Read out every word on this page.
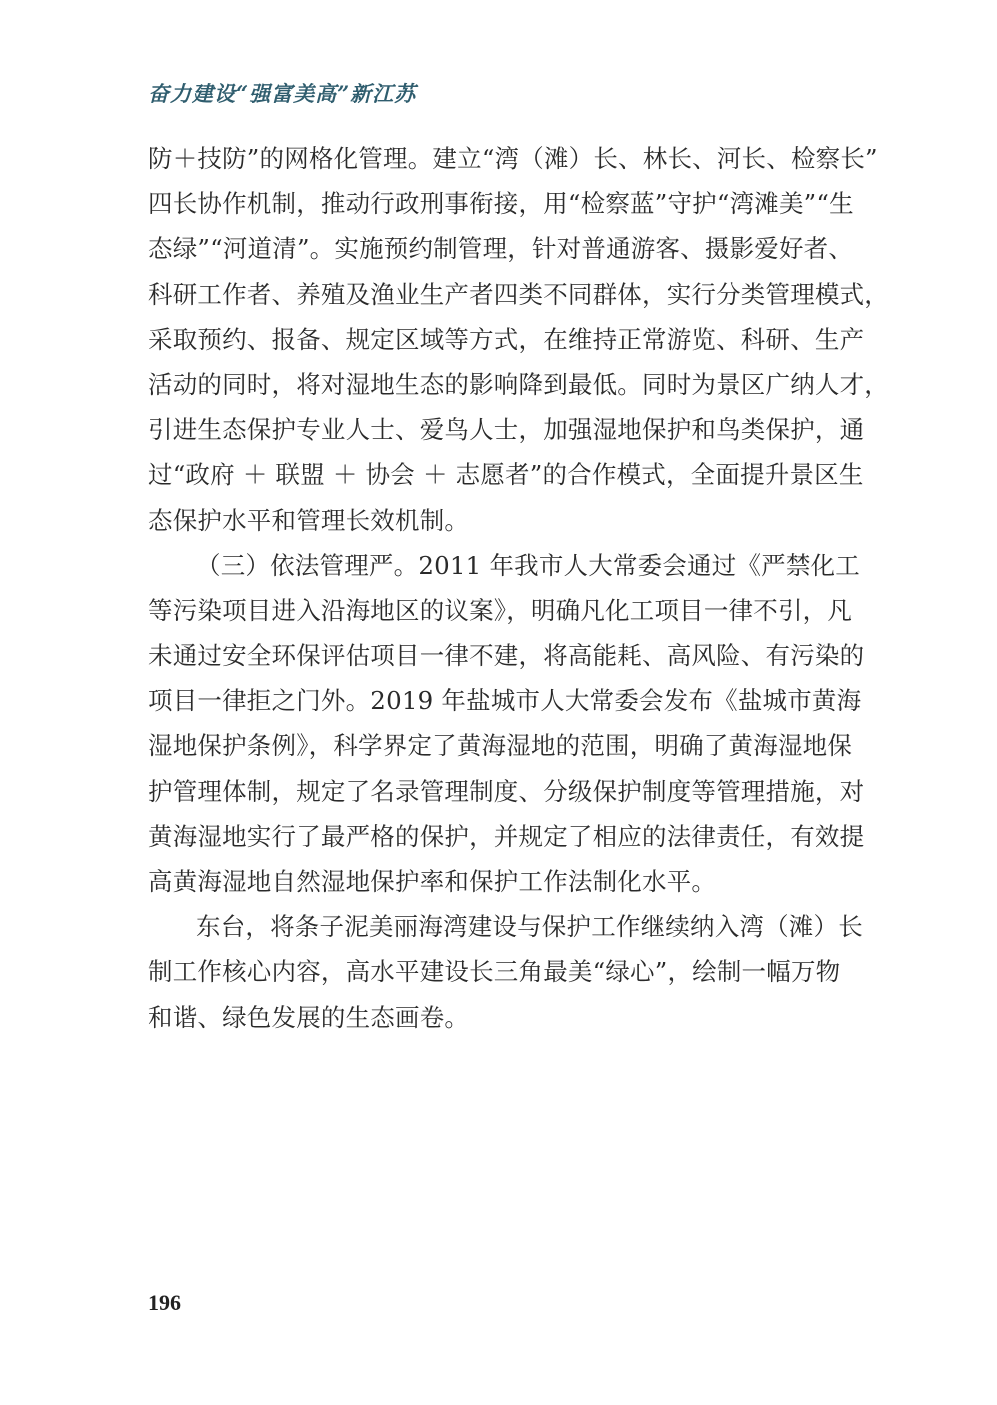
奋力建设“强富美高”新江苏
防＋技防”的网格化管理。建立“湾（滩）长、林长、河长、检察长”
四长协作机制，推动行政刑事衔接，用“检察蓝”守护“湾滩美”“生
态绿”“河道清”。实施预约制管理，针对普通游客、摄影爱好者、
科研工作者、养殖及渔业生产者四类不同群体，实行分类管理模式，
采取预约、报备、规定区域等方式，在维持正常游览、科研、生产
活动的同时，将对湿地生态的影响降到最低。同时为景区广纳人才，
引进生态保护专业人士、爱鸟人士，加强湿地保护和鸟类保护，通
过“政府 ＋ 联盟 ＋ 协会 ＋ 志愿者”的合作模式，全面提升景区生
态保护水平和管理长效机制。
（三）依法管理严。2011 年我市人大常委会通过《严禁化工
等污染项目进入沿海地区的议案》，明确凡化工项目一律不引，凡
未通过安全环保评估项目一律不建，将高能耗、高风险、有污染的
项目一律拒之门外。2019 年盐城市人大常委会发布《盐城市黄海
湿地保护条例》，科学界定了黄海湿地的范围，明确了黄海湿地保
护管理体制，规定了名录管理制度、分级保护制度等管理措施，对
黄海湿地实行了最严格的保护，并规定了相应的法律责任，有效提
高黄海湿地自然湿地保护率和保护工作法制化水平。
东台，将条子泥美丽海湾建设与保护工作继续纳入湾（滩）长
制工作核心内容，高水平建设长三角最美“绿心”，绘制一幅万物
和谐、绿色发展的生态画卷。
196
